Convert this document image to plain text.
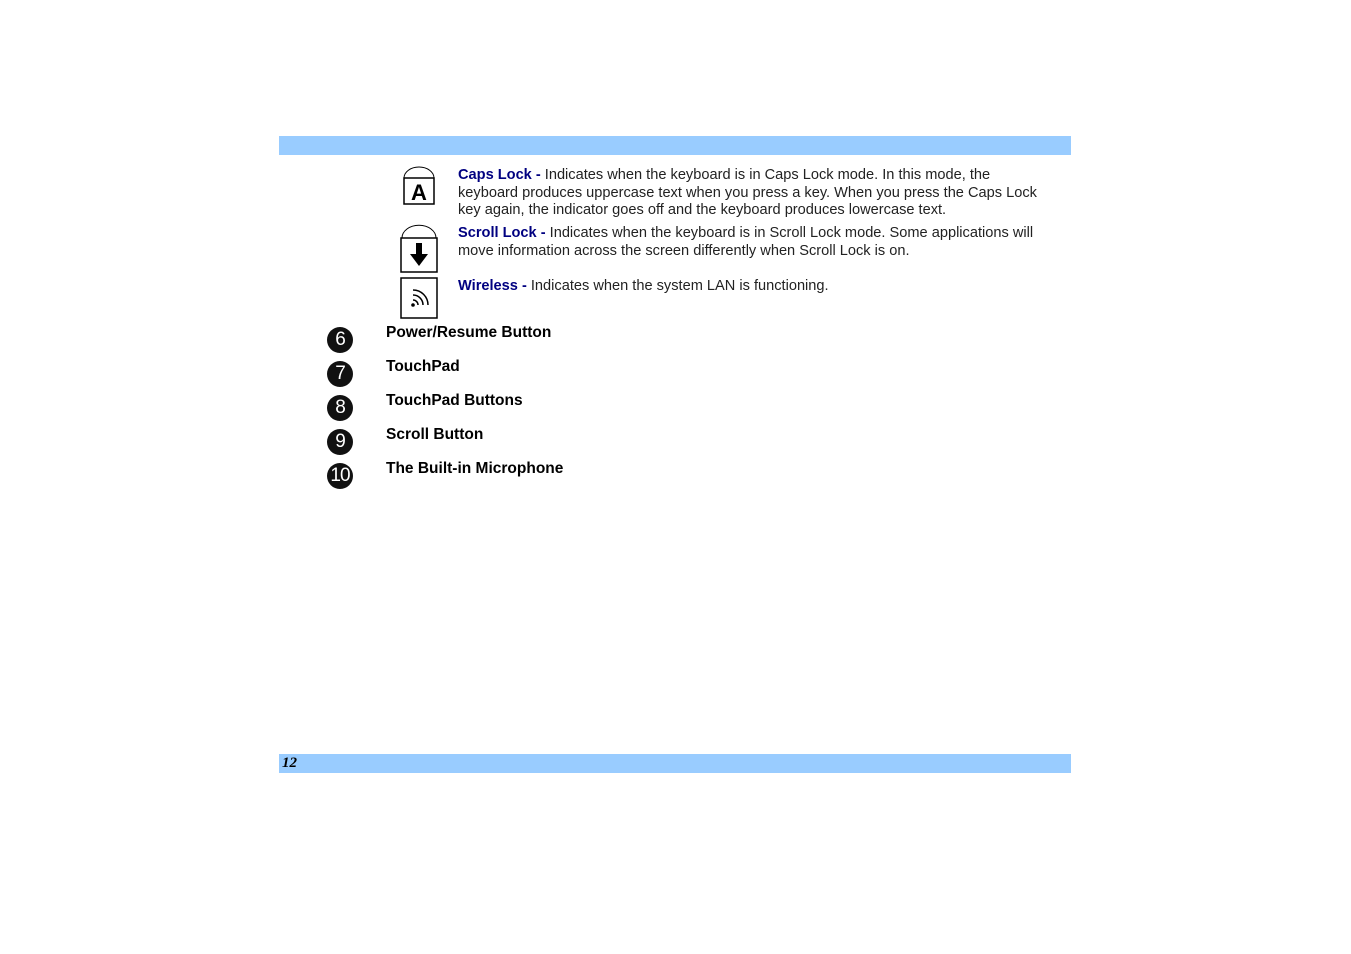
A
Caps Lock - Indicates when the keyboard is in Caps Lock mode. In this mode, the keyboard produces uppercase text when you press a key. When you press the Caps Lock key again, the indicator goes off and the keyboard produces lowercase text.
Scroll Lock - Indicates when the keyboard is in Scroll Lock mode. Some applications will move information across the screen differently when Scroll Lock is on.
Wireless - Indicates when the system LAN is functioning.
6	Power/Resume Button
7	TouchPad
8	TouchPad Buttons
9	Scroll Button
10 The Built-in Microphone
12
